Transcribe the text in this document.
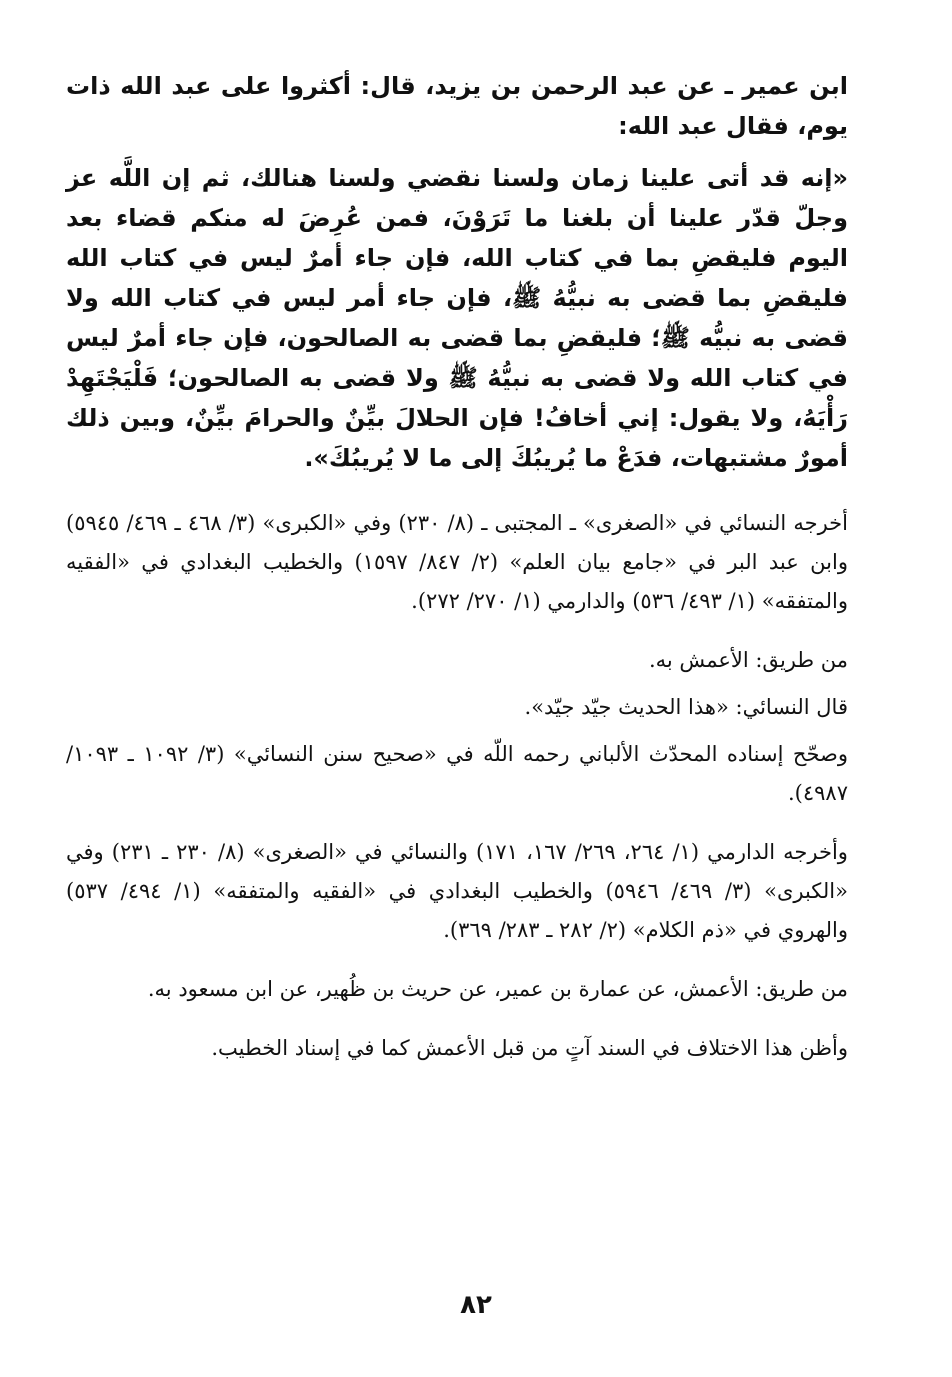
ابن عمير ـ عن عبد الرحمن بن يزيد، قال: أكثروا على عبد الله ذات يوم، فقال عبد الله:

«إنه قد أتى علينا زمان ولسنا نقضي ولسنا هنالك، ثم إن اللَّه عز وجلّ قدّر علينا أن بلغنا ما تَرَوْنَ، فمن عُرِضَ له منكم قضاء بعد اليوم فليقضِ بما في كتاب الله، فإن جاء أمرٌ ليس في كتاب الله فليقضِ بما قضى به نبيُّهُ ﷺ، فإن جاء أمر ليس في كتاب الله ولا قضى به نبيُّه ﷺ؛ فليقضِ بما قضى به الصالحون، فإن جاء أمرٌ ليس في كتاب الله ولا قضى به نبيُّهُ ﷺ ولا قضى به الصالحون؛ فَلْيَجْتَهِدْ رَأْيَهُ، ولا يقول: إني أخافُ! فإن الحلالَ بيِّنٌ والحرامَ بيِّنٌ، وبين ذلك أمورٌ مشتبهات، فدَعْ ما يُريبُكَ إلى ما لا يُريبُكَ».

أخرجه النسائي في «الصغرى» ـ المجتبى ـ (٨/ ٢٣٠) وفي «الكبرى» (٣/ ٤٦٨ ـ ٤٦٩/ ٥٩٤٥) وابن عبد البر في «جامع بيان العلم» (٢/ ٨٤٧/ ١٥٩٧) والخطيب البغدادي في «الفقيه والمتفقه» (١/ ٤٩٣/ ٥٣٦) والدارمي (١/ ٢٧٠/ ٢٧٢).

من طريق: الأعمش به.

قال النسائي: «هذا الحديث جيّد جيّد».

وصحّح إسناده المحدّث الألباني رحمه اللّه في «صحيح سنن النسائي» (٣/ ١٠٩٢ ـ ١٠٩٣/ ٤٩٨٧).

وأخرجه الدارمي (١/ ٢٦٤، ٢٦٩/ ١٦٧، ١٧١) والنسائي في «الصغرى» (٨/ ٢٣٠ ـ ٢٣١) وفي «الكبرى» (٣/ ٤٦٩/ ٥٩٤٦) والخطيب البغدادي في «الفقيه والمتفقه» (١/ ٤٩٤/ ٥٣٧) والهروي في «ذم الكلام» (٢/ ٢٨٢ ـ ٢٨٣/ ٣٦٩).

من طريق: الأعمش، عن عمارة بن عمير، عن حريث بن ظُهير، عن ابن مسعود به.

وأظن هذا الاختلاف في السند آتٍ من قبل الأعمش كما في إسناد الخطيب.

٨٢
